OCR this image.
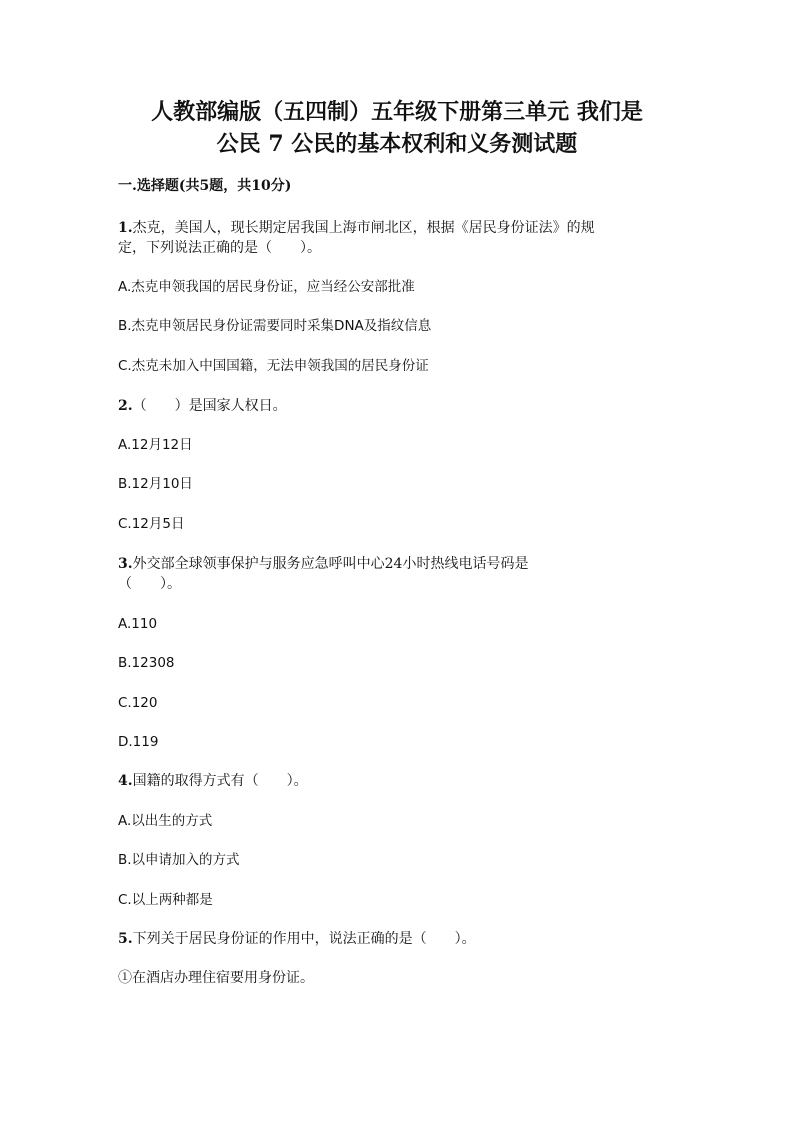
人教部编版（五四制）五年级下册第三单元 我们是
公民 7 公民的基本权利和义务测试题
一.选择题(共5题，共10分)
1.杰克，美国人，现长期定居我国上海市闸北区，根据《居民身份证法》的规
定，下列说法正确的是（　　）。
A.杰克申领我国的居民身份证，应当经公安部批准
B.杰克申领居民身份证需要同时采集DNA及指纹信息
C.杰克未加入中国国籍，无法申领我国的居民身份证
2.（　　）是国家人权日。
A.12月12日
B.12月10日
C.12月5日
3.外交部全球领事保护与服务应急呼叫中心24小时热线电话号码是
（　　）。
A.110
B.12308
C.120
D.119
4.国籍的取得方式有（　　）。
A.以出生的方式
B.以申请加入的方式
C.以上两种都是
5.下列关于居民身份证的作用中，说法正确的是（　　）。
①在酒店办理住宿要用身份证。
